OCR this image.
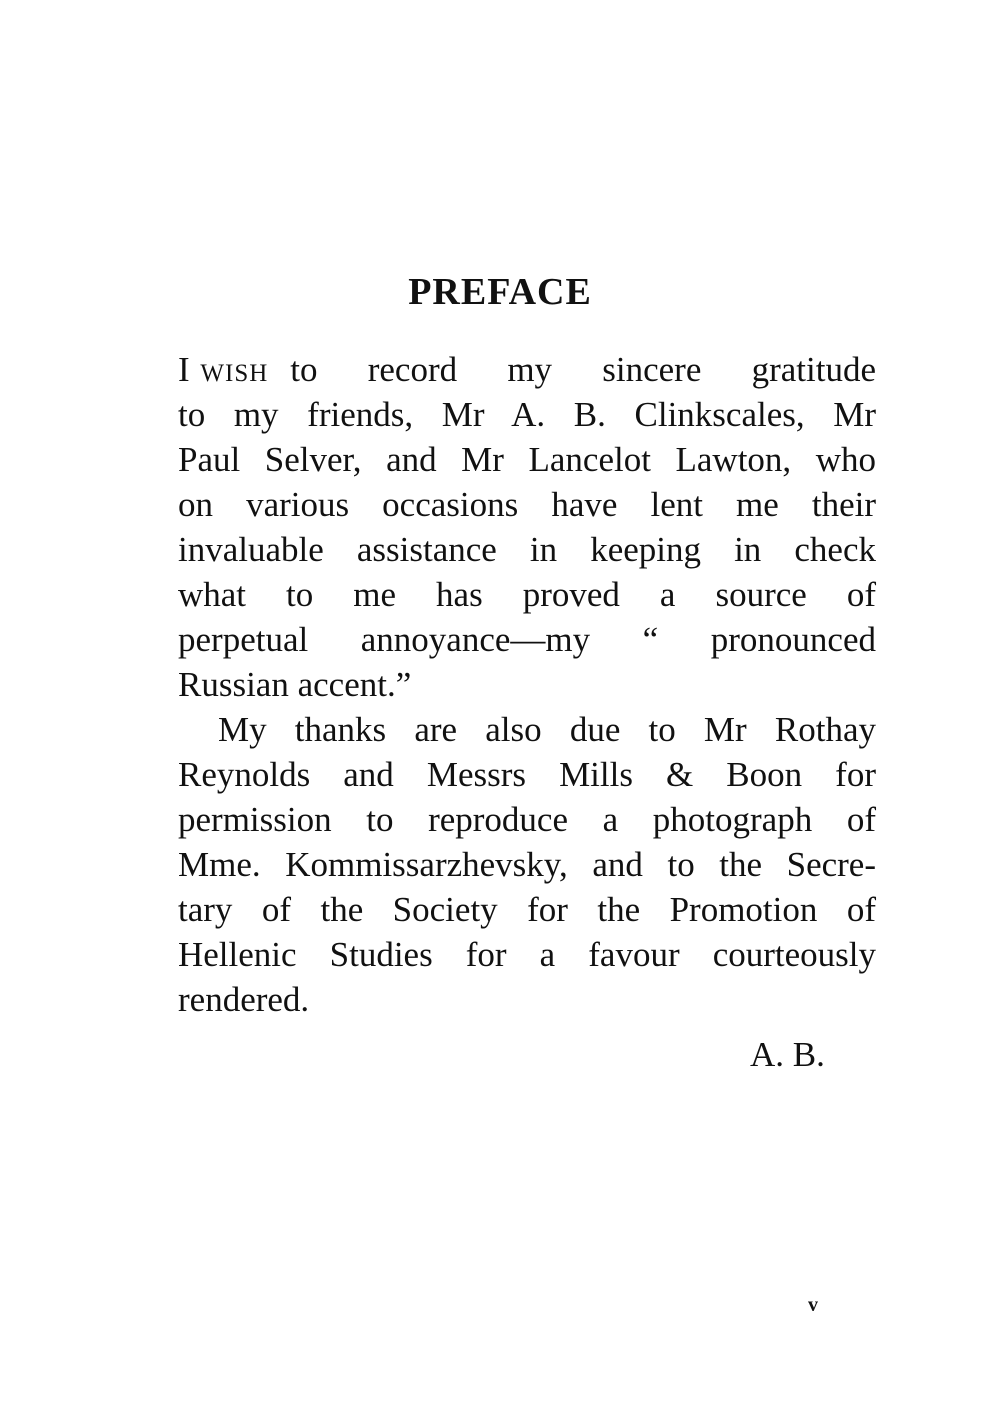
PREFACE
I wish to record my sincere gratitude
to my friends, Mr A. B. Clinkscales, Mr
Paul Selver, and Mr Lancelot Lawton, who
on various occasions have lent me their
invaluable assistance in keeping in check
what to me has proved a source of
perpetual annoyance—my “ pronounced
Russian accent.”
My thanks are also due to Mr Rothay
Reynolds and Messrs Mills & Boon for
permission to reproduce a photograph of
Mme. Kommissarzhevsky, and to the Secre-
tary of the Society for the Promotion of
Hellenic Studies for a favour courteously
rendered.
A. B.
v
